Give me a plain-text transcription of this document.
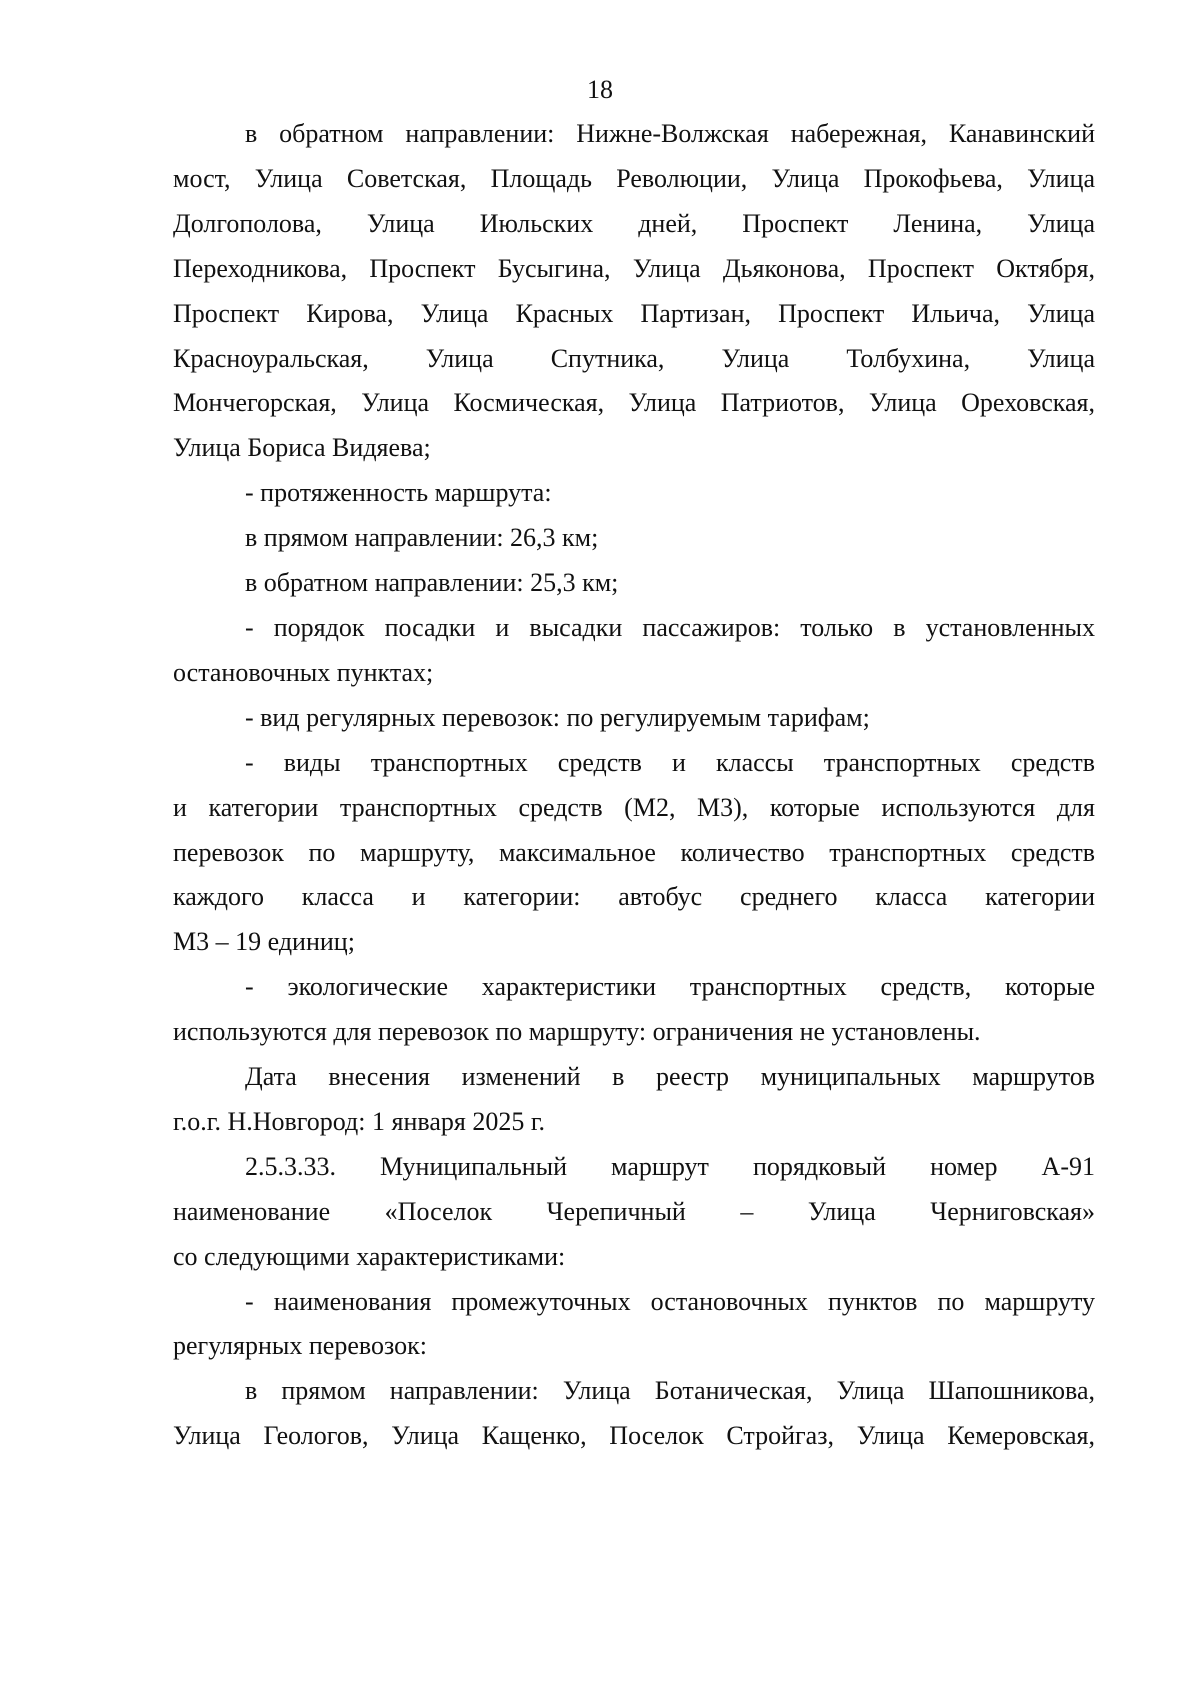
18
в обратном направлении: Нижне-Волжская набережная, Канавинский
мост, Улица Советская, Площадь Революции, Улица Прокофьева, Улица
Долгополова, Улица Июльских дней, Проспект Ленина, Улица
Переходникова, Проспект Бусыгина, Улица Дьяконова, Проспект Октября,
Проспект Кирова, Улица Красных Партизан, Проспект Ильича, Улица
Красноуральская, Улица Спутника, Улица Толбухина, Улица
Мончегорская, Улица Космическая, Улица Патриотов, Улица Ореховская,
Улица Бориса Видяева;
- протяженность маршрута:
в прямом направлении: 26,3 км;
в обратном направлении: 25,3 км;
- порядок посадки и высадки пассажиров: только в установленных
остановочных пунктах;
- вид регулярных перевозок: по регулируемым тарифам;
- виды транспортных средств и классы транспортных средств
и категории транспортных средств (М2, М3), которые используются для
перевозок по маршруту, максимальное количество транспортных средств
каждого класса и категории: автобус среднего класса категории
М3 – 19 единиц;
- экологические характеристики транспортных средств, которые
используются для перевозок по маршруту: ограничения не установлены.
Дата внесения изменений в реестр муниципальных маршрутов
г.о.г. Н.Новгород: 1 января 2025 г.
2.5.3.33. Муниципальный маршрут порядковый номер А-91
наименование «Поселок Черепичный – Улица Черниговская»
со следующими характеристиками:
- наименования промежуточных остановочных пунктов по маршруту
регулярных перевозок:
в прямом направлении: Улица Ботаническая, Улица Шапошникова,
Улица Геологов, Улица Кащенко, Поселок Стройгаз, Улица Кемеровская,
